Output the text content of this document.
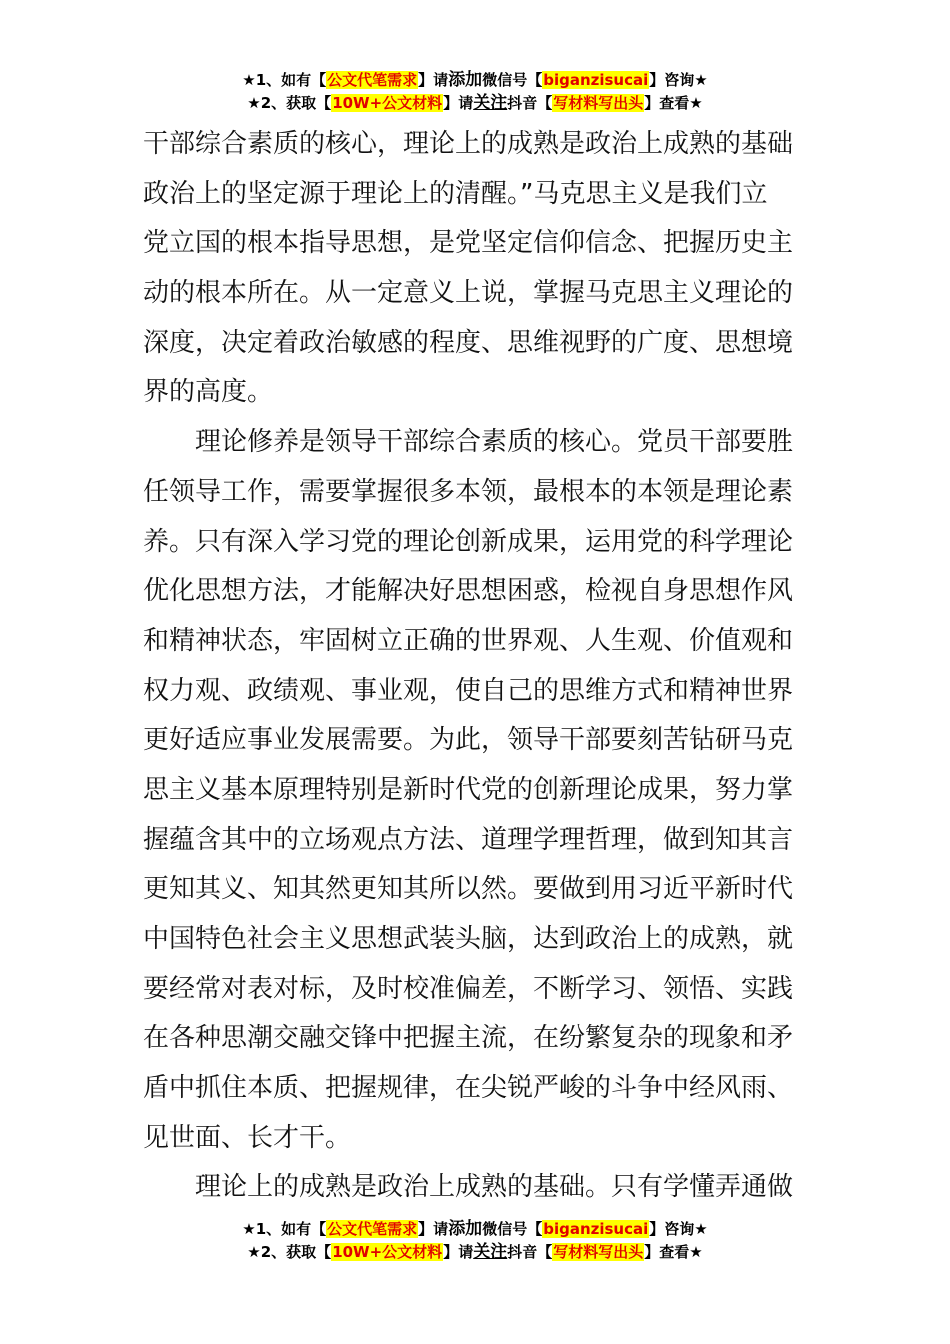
★1、如有【公文代笔需求】请添加微信号【biganzisucai】咨询★
★2、获取【10W+公文材料】请关注抖音【写材料写出头】查看★
干部综合素质的核心，理论上的成熟是政治上成熟的基础
政治上的坚定源于理论上的清醒。”马克思主义是我们立
党立国的根本指导思想，是党坚定信仰信念、把握历史主
动的根本所在。从一定意义上说，掌握马克思主义理论的
深度，决定着政治敏感的程度、思维视野的广度、思想境
界的高度。
理论修养是领导干部综合素质的核心。党员干部要胜
任领导工作，需要掌握很多本领，最根本的本领是理论素
养。只有深入学习党的理论创新成果，运用党的科学理论
优化思想方法，才能解决好思想困惑，检视自身思想作风
和精神状态，牢固树立正确的世界观、人生观、价值观和
权力观、政绩观、事业观，使自己的思维方式和精神世界
更好适应事业发展需要。为此，领导干部要刻苦钻研马克
思主义基本原理特别是新时代党的创新理论成果，努力掌
握蕴含其中的立场观点方法、道理学理哲理，做到知其言
更知其义、知其然更知其所以然。要做到用习近平新时代
中国特色社会主义思想武装头脑，达到政治上的成熟，就
要经常对表对标，及时校准偏差，不断学习、领悟、实践
在各种思潮交融交锋中把握主流，在纷繁复杂的现象和矛
盾中抓住本质、把握规律，在尖锐严峻的斗争中经风雨、
见世面、长才干。
理论上的成熟是政治上成熟的基础。只有学懂弄通做
★1、如有【公文代笔需求】请添加微信号【biganzisucai】咨询★
★2、获取【10W+公文材料】请关注抖音【写材料写出头】查看★
